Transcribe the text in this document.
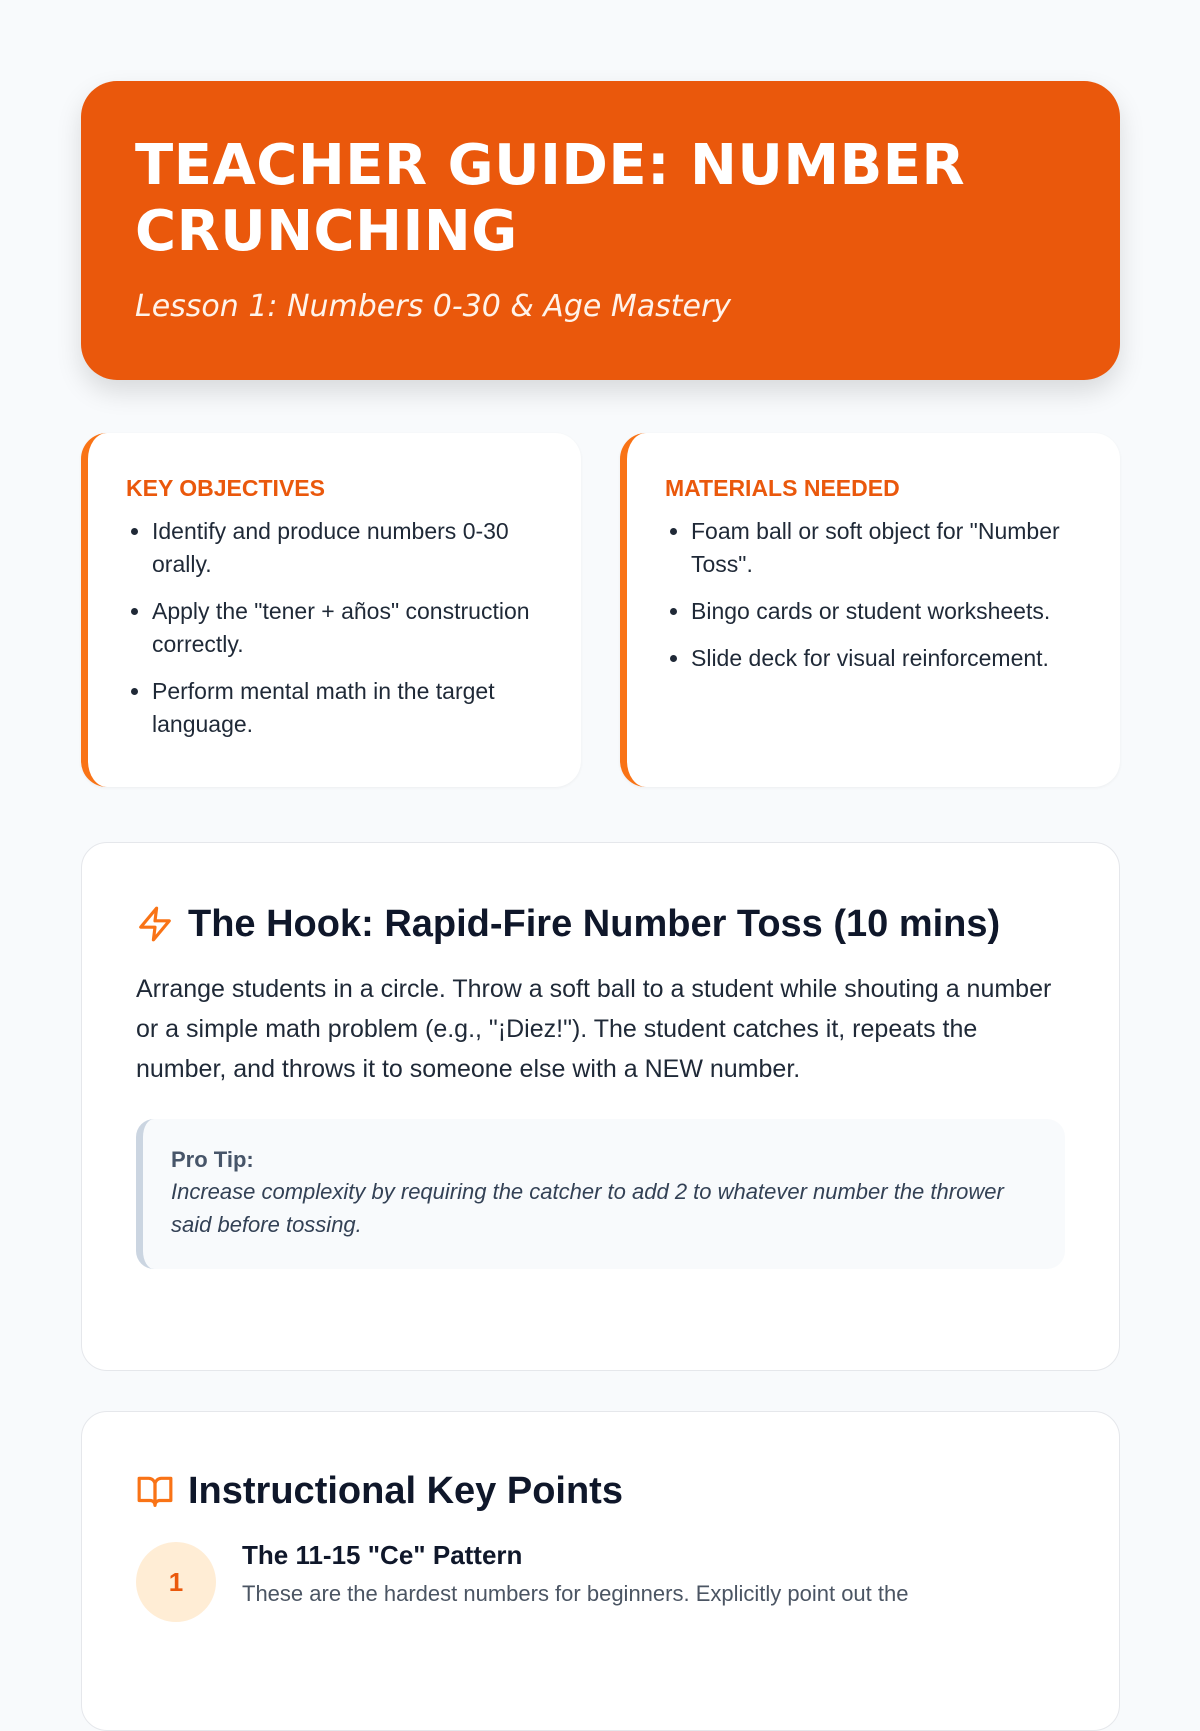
TEACHER GUIDE: NUMBER CRUNCHING
Lesson 1: Numbers 0-30 & Age Mastery
KEY OBJECTIVES
• Identify and produce numbers 0-30 orally.
• Apply the "tener + años" construction correctly.
• Perform mental math in the target language.
MATERIALS NEEDED
• Foam ball or soft object for "Number Toss".
• Bingo cards or student worksheets.
• Slide deck for visual reinforcement.
The Hook: Rapid-Fire Number Toss (10 mins)

Arrange students in a circle. Throw a soft ball to a student while shouting a number or a simple math problem (e.g., "¡Diez!"). The student catches it, repeats the number, and throws it to someone else with a NEW number.

Pro Tip:
Increase complexity by requiring the catcher to add 2 to whatever number the thrower said before tossing.
Instructional Key Points
1
The 11-15 "Ce" Pattern

These are the hardest numbers for beginners. Explicitly point out the
